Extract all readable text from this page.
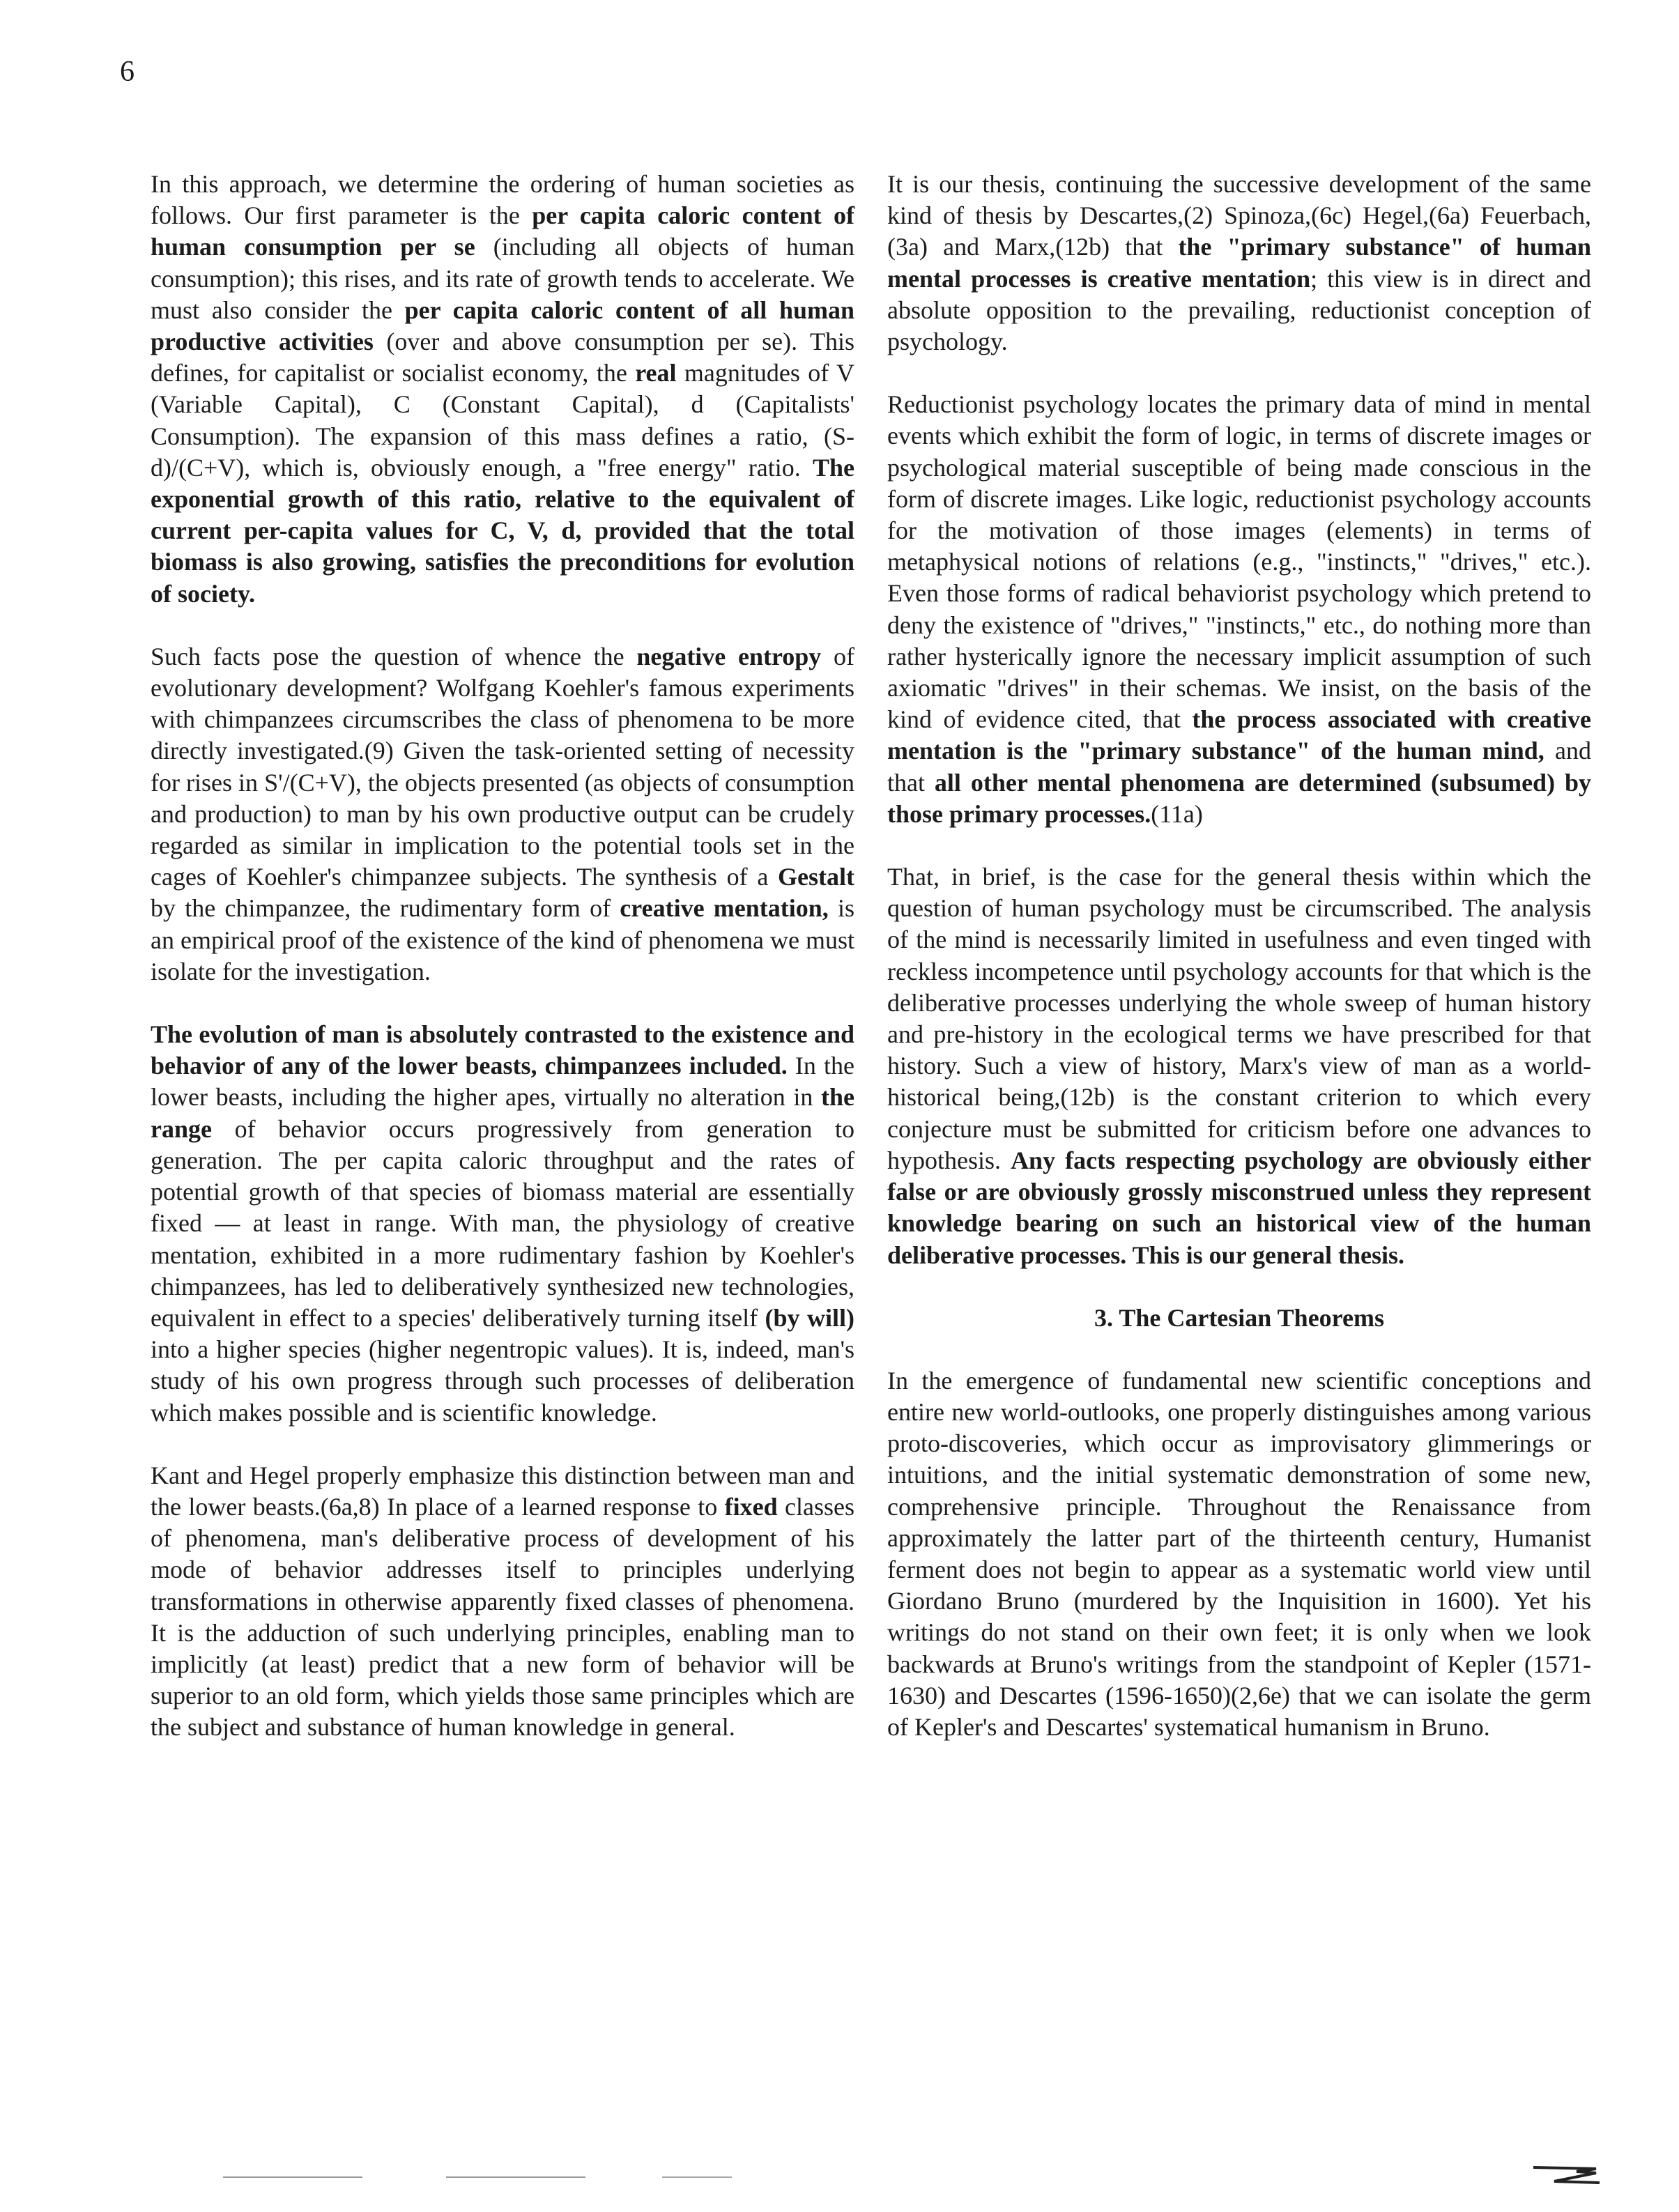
6

In this approach, we determine the ordering of human societies as follows. Our first parameter is the per capita caloric content of human consumption per se (including all objects of human consumption); this rises, and its rate of growth tends to accelerate. We must also consider the per capita caloric content of all human productive activities (over and above consumption per se). This defines, for capitalist or socialist economy, the real magnitudes of V (Variable Capital), C (Constant Capital), d (Capitalists' Consumption). The expansion of this mass defines a ratio, (S-d)/(C+V), which is, obviously enough, a "free energy" ratio. The exponential growth of this ratio, relative to the equivalent of current per-capita values for C, V, d, provided that the total biomass is also growing, satisfies the preconditions for evolution of society.

Such facts pose the question of whence the negative entropy of evolutionary development? Wolfgang Koehler's famous experiments with chimpanzees circumscribes the class of phenomena to be more directly investigated.(9) Given the task-oriented setting of necessity for rises in S'/(C+V), the objects presented (as objects of consumption and production) to man by his own productive output can be crudely regarded as similar in implication to the potential tools set in the cages of Koehler's chimpanzee subjects. The synthesis of a Gestalt by the chimpanzee, the rudimentary form of creative mentation, is an empirical proof of the existence of the kind of phenomena we must isolate for the investigation.

The evolution of man is absolutely contrasted to the existence and behavior of any of the lower beasts, chimpanzees included. In the lower beasts, including the higher apes, virtually no alteration in the range of behavior occurs progressively from generation to generation. The per capita caloric throughput and the rates of potential growth of that species of biomass material are essentially fixed — at least in range. With man, the physiology of creative mentation, exhibited in a more rudimentary fashion by Koehler's chimpanzees, has led to deliberatively synthesized new technologies, equivalent in effect to a species' deliberatively turning itself (by will) into a higher species (higher negentropic values). It is, indeed, man's study of his own progress through such processes of deliberation which makes possible and is scientific knowledge.

Kant and Hegel properly emphasize this distinction between man and the lower beasts.(6a,8) In place of a learned response to fixed classes of phenomena, man's deliberative process of development of his mode of behavior addresses itself to principles underlying transformations in otherwise apparently fixed classes of phenomena. It is the adduction of such underlying principles, enabling man to implicitly (at least) predict that a new form of behavior will be superior to an old form, which yields those same principles which are the subject and substance of human knowledge in general.

It is our thesis, continuing the successive development of the same kind of thesis by Descartes,(2) Spinoza,(6c) Hegel,(6a) Feuerbach,(3a) and Marx,(12b) that the "primary substance" of human mental processes is creative mentation; this view is in direct and absolute opposition to the prevailing, reductionist conception of psychology.

Reductionist psychology locates the primary data of mind in mental events which exhibit the form of logic, in terms of discrete images or psychological material susceptible of being made conscious in the form of discrete images. Like logic, reductionist psychology accounts for the motivation of those images (elements) in terms of metaphysical notions of relations (e.g., "instincts," "drives," etc.). Even those forms of radical behaviorist psychology which pretend to deny the existence of "drives," "instincts," etc., do nothing more than rather hysterically ignore the necessary implicit assumption of such axiomatic "drives" in their schemas. We insist, on the basis of the kind of evidence cited, that the process associated with creative mentation is the "primary substance" of the human mind, and that all other mental phenomena are determined (subsumed) by those primary processes.(11a)

That, in brief, is the case for the general thesis within which the question of human psychology must be circumscribed. The analysis of the mind is necessarily limited in usefulness and even tinged with reckless incompetence until psychology accounts for that which is the deliberative processes underlying the whole sweep of human history and pre-history in the ecological terms we have prescribed for that history. Such a view of history, Marx's view of man as a world-historical being,(12b) is the constant criterion to which every conjecture must be submitted for criticism before one advances to hypothesis. Any facts respecting psychology are obviously either false or are obviously grossly misconstrued unless they represent knowledge bearing on such an historical view of the human deliberative processes. This is our general thesis.

3. The Cartesian Theorems

In the emergence of fundamental new scientific conceptions and entire new world-outlooks, one properly distinguishes among various proto-discoveries, which occur as improvisatory glimmerings or intuitions, and the initial systematic demonstration of some new, comprehensive principle. Throughout the Renaissance from approximately the latter part of the thirteenth century, Humanist ferment does not begin to appear as a systematic world view until Giordano Bruno (murdered by the Inquisition in 1600). Yet his writings do not stand on their own feet; it is only when we look backwards at Bruno's writings from the standpoint of Kepler (1571-1630) and Descartes (1596-1650)(2,6e) that we can isolate the germ of Kepler's and Descartes' systematical humanism in Bruno.
